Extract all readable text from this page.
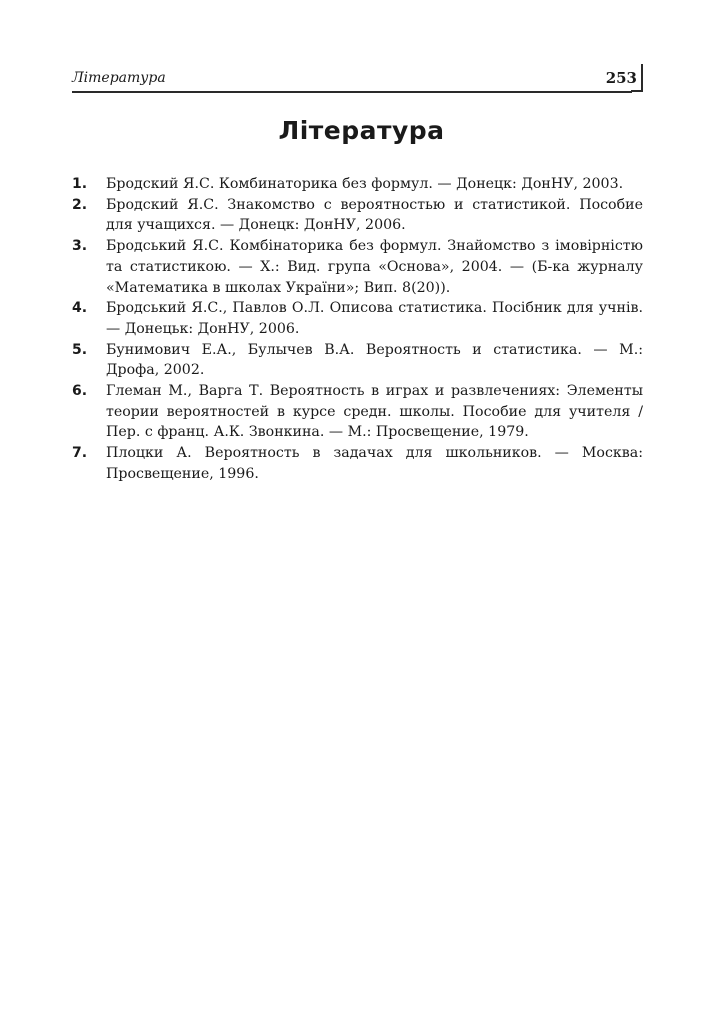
Література	253
Література
1. Бродский Я.С. Комбинаторика без формул. — Донецк: ДонНУ, 2003.
2. Бродский Я.С. Знакомство с вероятностью и статистикой. Пособие для учащихся. — Донецк: ДонНУ, 2006.
3. Бродський Я.С. Комбінаторика без формул. Знайомство з імовірністю та статистикою. — Х.: Вид. група «Основа», 2004. — (Б-ка журналу «Математика в школах України»; Вип. 8(20)).
4. Бродський Я.С., Павлов О.Л. Описова статистика. Посібник для учнів. — Донецьк: ДонНУ, 2006.
5. Бунимович Е.А., Булычев В.А. Вероятность и статистика. — М.: Дрофа, 2002.
6. Глеман М., Варга Т. Вероятность в играх и развлечениях: Элементы теории вероятностей в курсе средн. школы. Пособие для учителя /Пер. с франц. А.К. Звонкина. — М.: Просвещение, 1979.
7. Плоцки А. Вероятность в задачах для школьников. — Москва: Просвещение, 1996.
